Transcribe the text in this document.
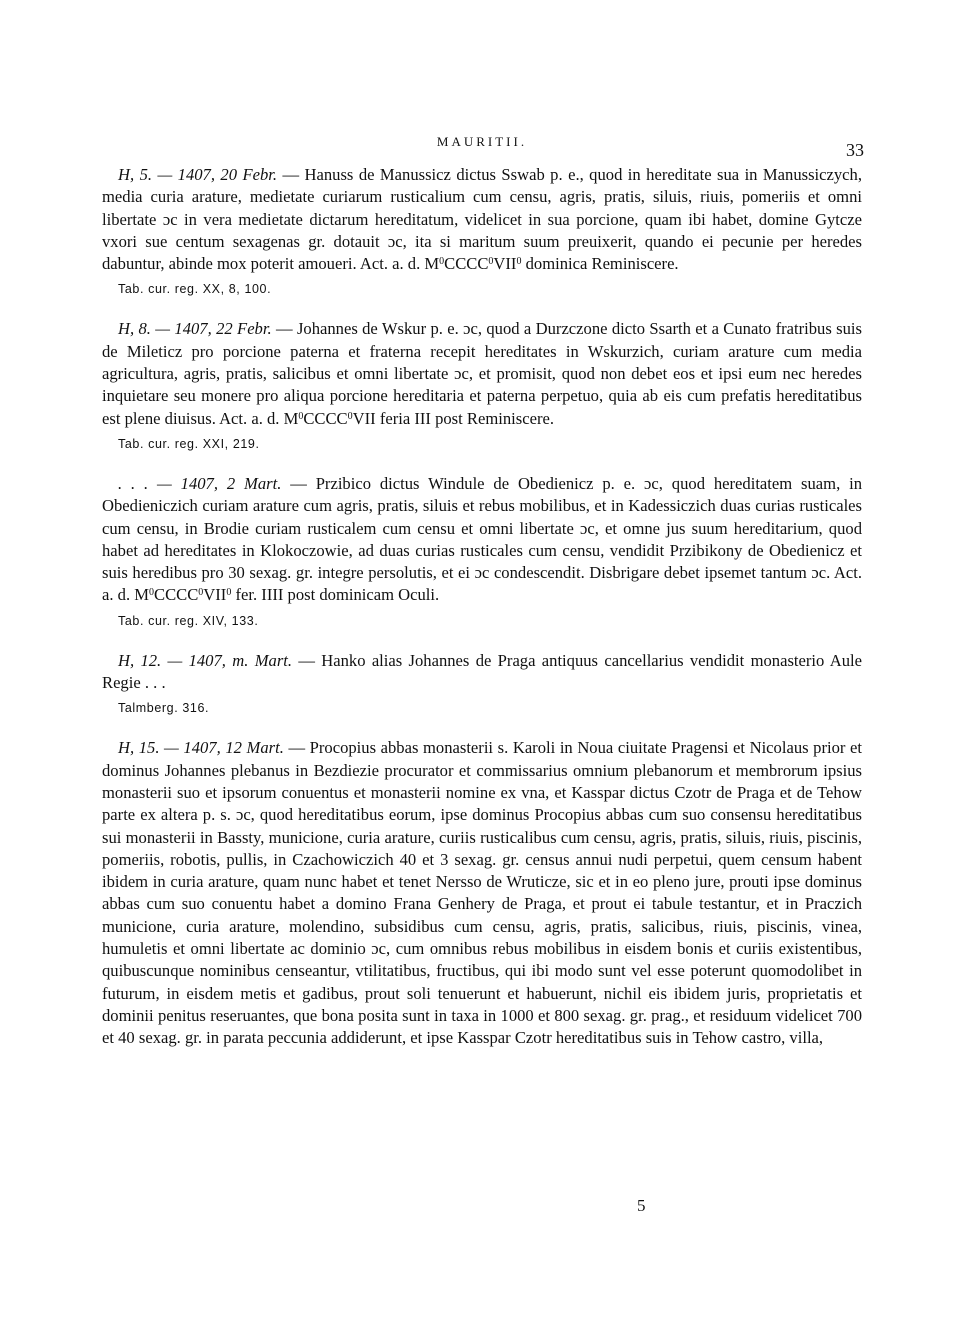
MAURITII.	33

H, 5. — 1407, 20 Febr. — Hanuss de Manussicz dictus Sswab p. e., quod in hereditate sua in Manussiczych, media curia arature, medietate curiarum rusticalium cum censu, agris, pratis, siluis, riuis, pomeriis et omni libertate ɔc in vera medietate dictarum hereditatum, videlicet in sua porcione, quam ibi habet, domine Gytcze vxori sue centum sexagenas gr. dotauit ɔc, ita si maritum suum preuixerit, quando ei pecunie per heredes dabuntur, abinde mox poterit amoueri. Act. a. d. $M^0CCCC^0VII^0$ dominica Reminiscere.

Tab. cur. reg. XX, 8, 100.

H, 8. — 1407, 22 Febr. — Johannes de Wskur p. e. ɔc, quod a Durzczone dicto Ssarth et a Cunato fratribus suis de Mileticz pro porcione paterna et fraterna recepit hereditates in Wskurzich, curiam arature cum media agricultura, agris, pratis, salicibus et omni libertate ɔc, et promisit, quod non debet eos et ipsi eum nec heredes inquietare seu monere pro aliqua porcione hereditaria et paterna perpetuo, quia ab eis cum prefatis hereditatibus est plene diuisus. Act. a. d. $M^0CCCC^0VII$ feria III post Reminiscere.

Tab. cur. reg. XXI, 219.

. . . — 1407, 2 Mart. — Przibico dictus Windule de Obedienicz p. e. ɔc, quod hereditatem suam, in Obedieniczich curiam arature cum agris, pratis, siluis et rebus mobilibus, et in Kadessiczich duas curias rusticales cum censu, in Brodie curiam rusticalem cum censu et omni libertate ɔc, et omne jus suum hereditarium, quod habet ad hereditates in Klokoczowie, ad duas curias rusticales cum censu, vendidit Przibikony de Obedienicz et suis heredibus pro 30 sexag. gr. integre persolutis, et ei ɔc condescendit. Disbrigare debet ipsemet tantum ɔc. Act. a. d. $M^0CCCC^0VII^0$ fer. IIII post dominicam Oculi.

Tab. cur. reg. XIV, 133.

H, 12. — 1407, m. Mart. — Hanko alias Johannes de Praga antiquus cancellarius vendidit monasterio Aule Regie . . .

Talmberg. 316.

H, 15. — 1407, 12 Mart. — Procopius abbas monasterii s. Karoli in Noua ciuitate Pragensi et Nicolaus prior et dominus Johannes plebanus in Bezdiezie procurator et commissarius omnium plebanorum et membrorum ipsius monasterii suo et ipsorum conuentus et monasterii nomine ex vna, et Kasspar dictus Czotr de Praga et de Tehow parte ex altera p. s. ɔc, quod hereditatibus eorum, ipse dominus Procopius abbas cum suo consensu hereditatibus sui monasterii in Bassty, municione, curia arature, curiis rusticalibus cum censu, agris, pratis, siluis, riuis, piscinis, pomeriis, robotis, pullis, in Czachowiczich 40 et 3 sexag. gr. census annui nudi perpetui, quem censum habent ibidem in curia arature, quam nunc habet et tenet Nersso de Wruticze, sic et in eo pleno jure, prouti ipse dominus abbas cum suo conuentu habet a domino Frana Genhery de Praga, et prout ei tabule testantur, et in Praczich municione, curia arature, molendino, subsidibus cum censu, agris, pratis, salicibus, riuis, piscinis, vinea, humuletis et omni libertate ac dominio ɔc, cum omnibus rebus mobilibus in eisdem bonis et curiis existentibus, quibuscunque nominibus censeantur, vtilitatibus, fructibus, qui ibi modo sunt vel esse poterunt quomodolibet in futurum, in eisdem metis et gadibus, prout soli tenuerunt et habuerunt, nichil eis ibidem juris, proprietatis et dominii penitus reseruantes, que bona posita sunt in taxa in 1000 et 800 sexag. gr. prag., et residuum videlicet 700 et 40 sexag. gr. in parata peccunia addiderunt, et ipse Kasspar Czotr hereditatibus suis in Tehow castro, villa,

5
